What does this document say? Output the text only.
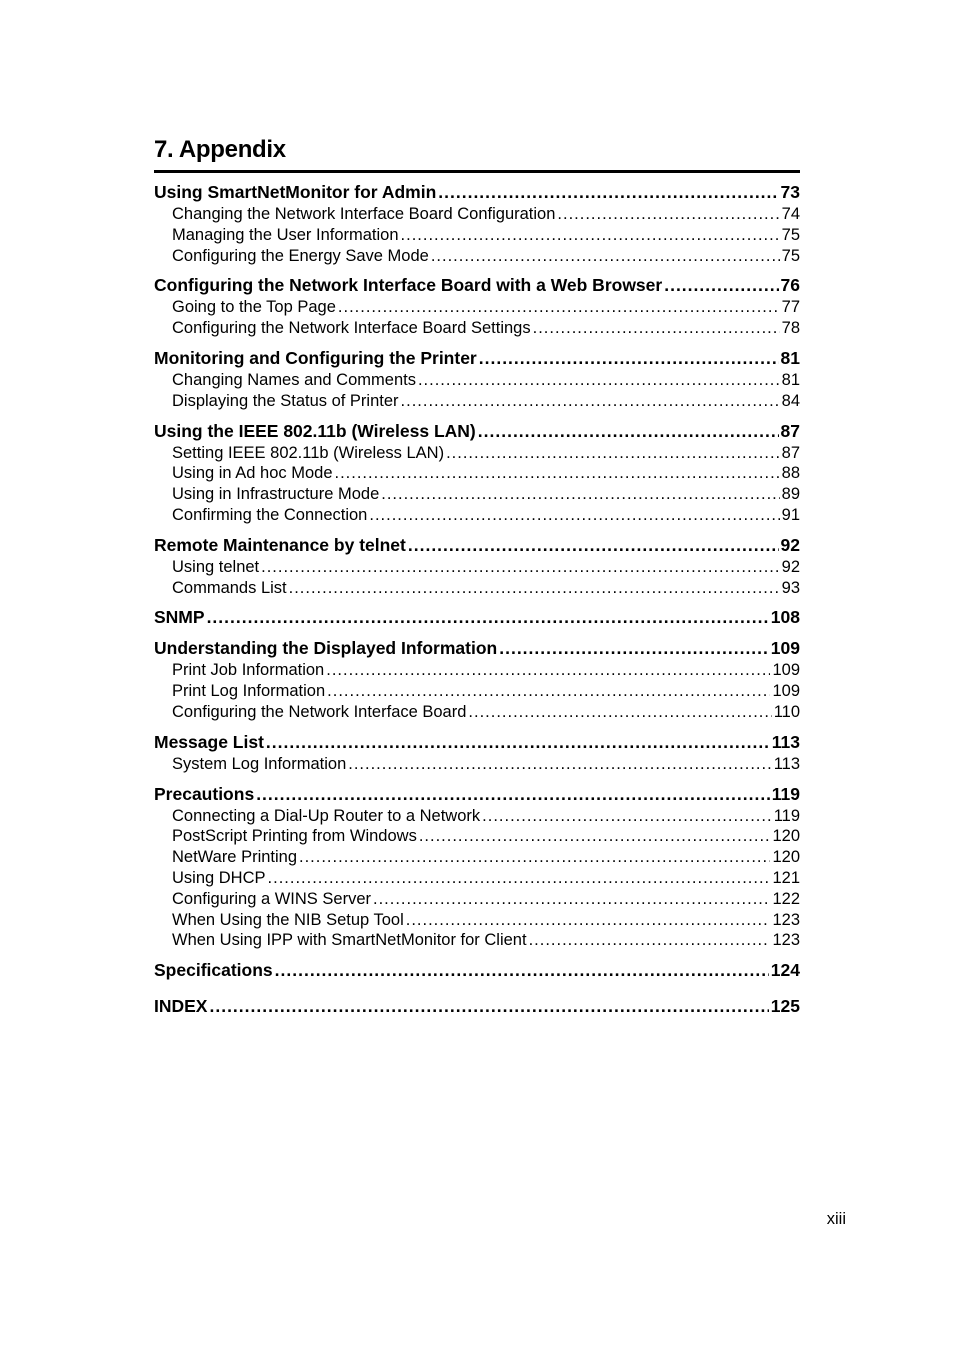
7. Appendix
Using SmartNetMonitor for Admin .....	73
Changing the Network Interface Board Configuration .....	74
Managing the User Information .....	75
Configuring the Energy Save Mode .....	75
Configuring the Network Interface Board with a Web Browser .....	76
Going to the Top Page .....	77
Configuring the Network Interface Board Settings .....	78
Monitoring and Configuring the Printer .....	81
Changing Names and Comments .....	81
Displaying the Status of Printer .....	84
Using the IEEE 802.11b (Wireless LAN) .....	87
Setting IEEE 802.11b (Wireless LAN) .....	87
Using in Ad hoc Mode .....	88
Using in Infrastructure Mode .....	89
Confirming the Connection .....	91
Remote Maintenance by telnet .....	92
Using telnet .....	92
Commands List .....	93
SNMP .....	108
Understanding the Displayed Information .....	109
Print Job Information .....	109
Print Log Information .....	109
Configuring the Network Interface Board .....	110
Message List .....	113
System Log Information .....	113
Precautions .....	119
Connecting a Dial-Up Router to a Network .....	119
PostScript Printing from Windows .....	120
NetWare Printing .....	120
Using DHCP .....	121
Configuring a WINS Server .....	122
When Using the NIB Setup Tool .....	123
When Using IPP with SmartNetMonitor for Client .....	123
Specifications .....	124
INDEX .....	125
xiii
